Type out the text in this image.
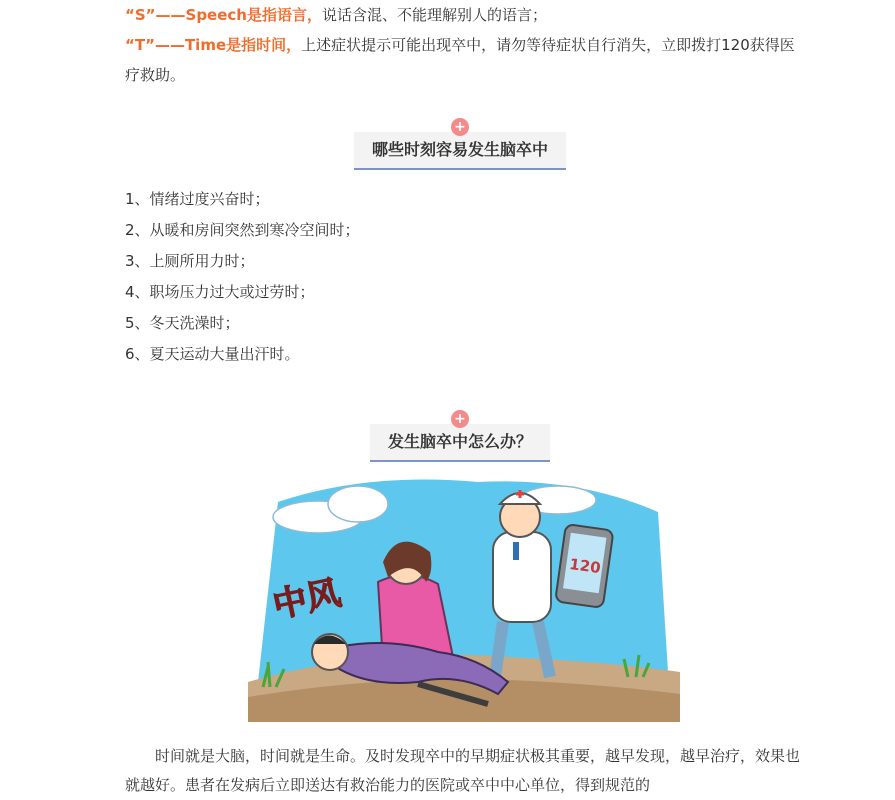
“S”——Speech是指语言，说话含混、不能理解别人的语言；

“T”——Time是指时间，上述症状提示可能出现卒中，请勿等待症状自行消失，立即拨打120获得医疗救助。

+
哪些时刻容易发生脑卒中

1、情绪过度兴奋时；

2、从暖和房间突然到寒冷空间时；

3、上厕所用力时；

4、职场压力过大或过劳时；

5、冬天洗澡时；

6、夏天运动大量出汗时。

+
发生脑卒中怎么办？

时间就是大脑，时间就是生命。及时发现卒中的早期症状极其重要，越早发现，越早治疗，效果也就越好。患者在发病后立即送达有救治能力的医院或卒中中心单位，得到规范的

中风
120
